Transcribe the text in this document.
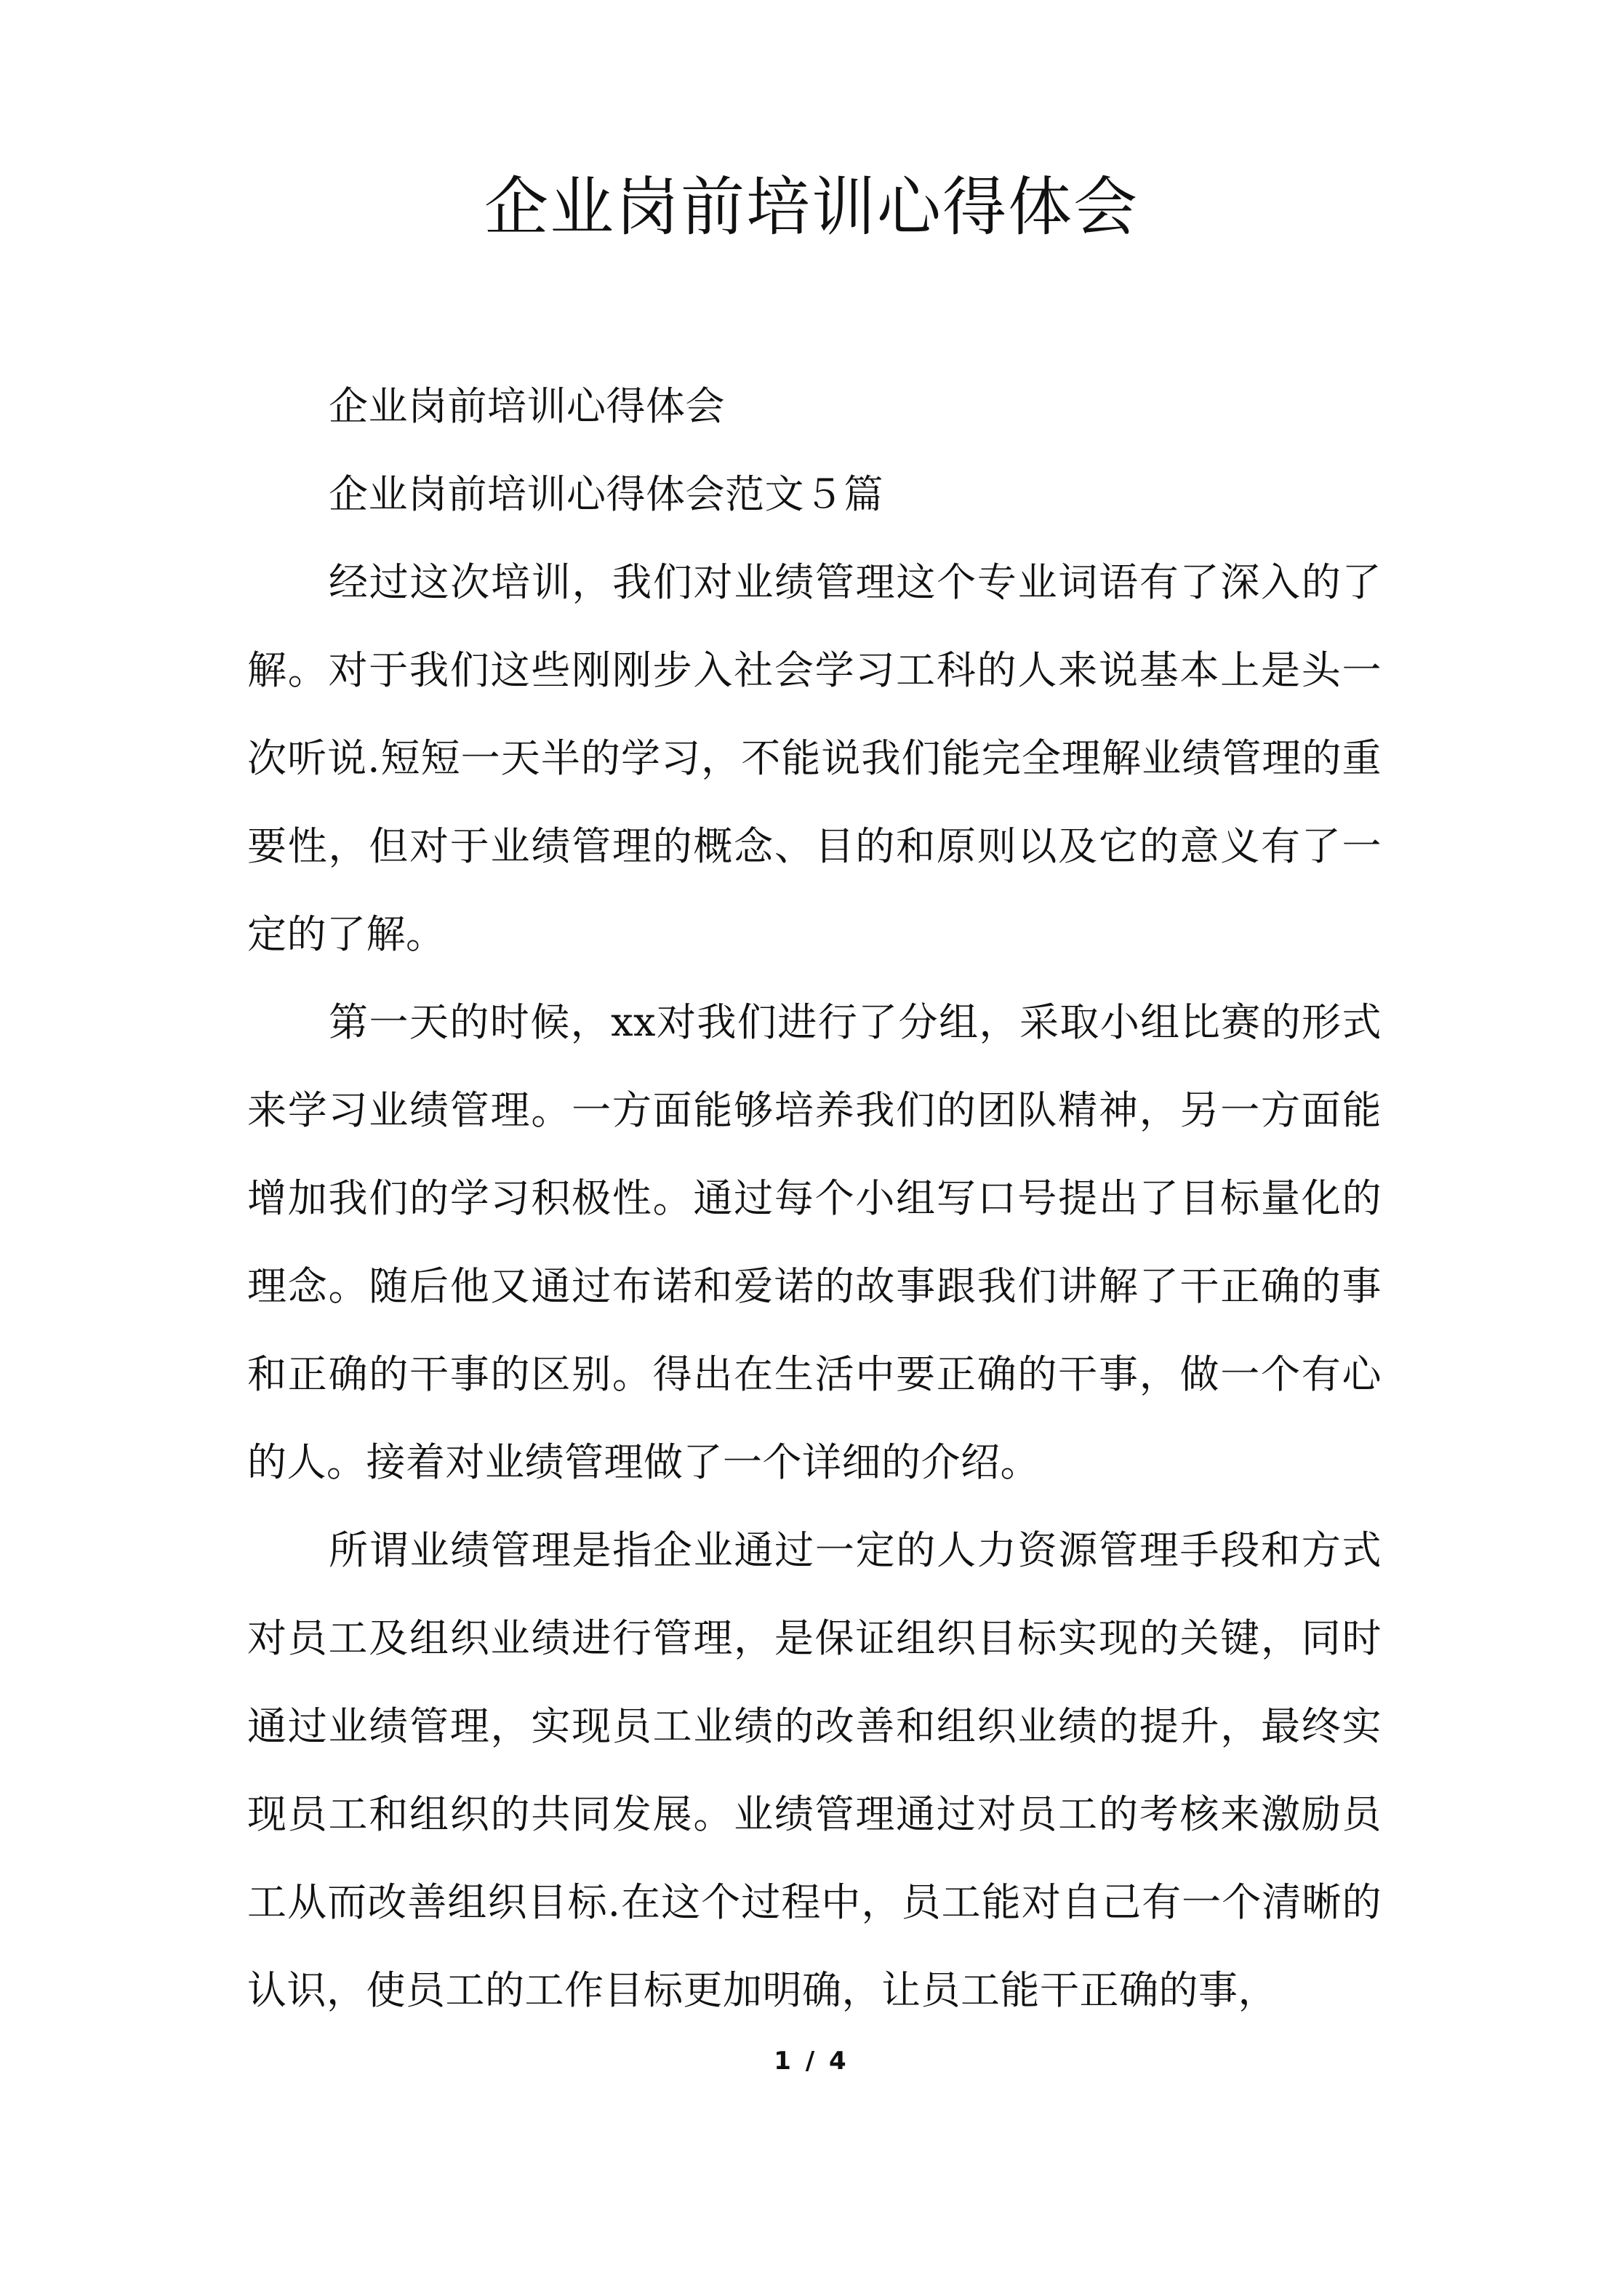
企业岗前培训心得体会

企业岗前培训心得体会

企业岗前培训心得体会范文５篇

经过这次培训，我们对业绩管理这个专业词语有了深入的了解。对于我们这些刚刚步入社会学习工科的人来说基本上是头一次听说.短短一天半的学习，不能说我们能完全理解业绩管理的重要性，但对于业绩管理的概念、目的和原则以及它的意义有了一定的了解。

第一天的时候，xx对我们进行了分组，采取小组比赛的形式来学习业绩管理。一方面能够培养我们的团队精神，另一方面能增加我们的学习积极性。通过每个小组写口号提出了目标量化的理念。随后他又通过布诺和爱诺的故事跟我们讲解了干正确的事和正确的干事的区别。得出在生活中要正确的干事，做一个有心的人。接着对业绩管理做了一个详细的介绍。

所谓业绩管理是指企业通过一定的人力资源管理手段和方式对员工及组织业绩进行管理，是保证组织目标实现的关键，同时通过业绩管理，实现员工业绩的改善和组织业绩的提升，最终实现员工和组织的共同发展。业绩管理通过对员工的考核来激励员工从而改善组织目标.在这个过程中，员工能对自己有一个清晰的认识，使员工的工作目标更加明确，让员工能干正确的事，

1 / 4
